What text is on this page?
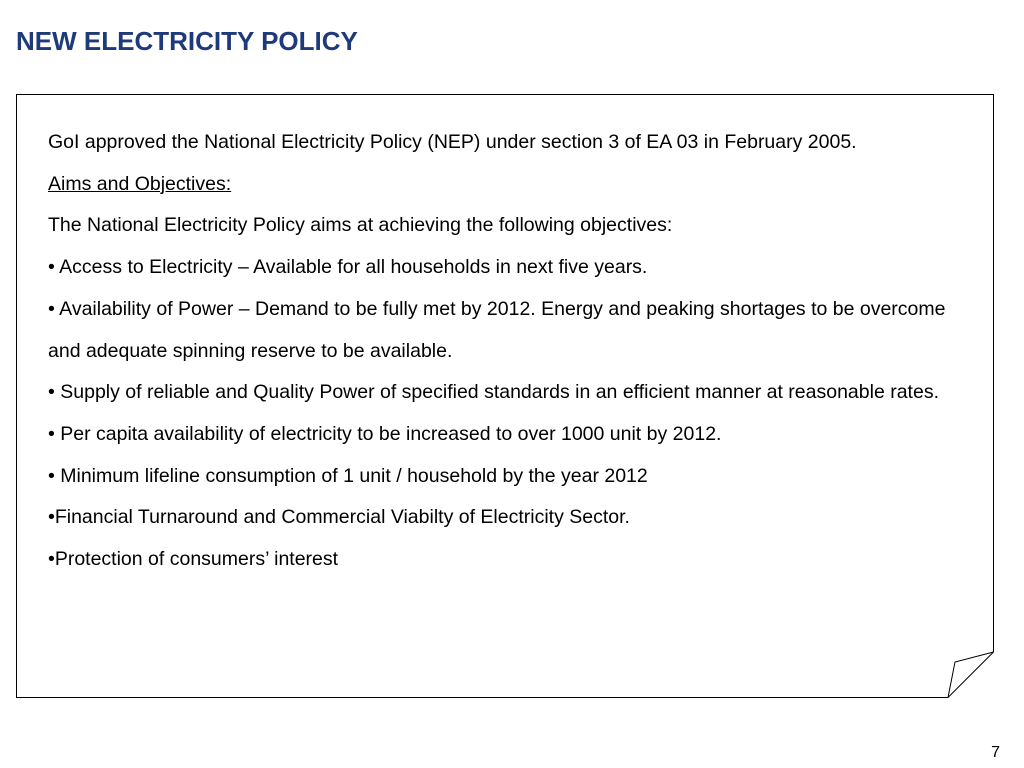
NEW ELECTRICITY POLICY

GoI approved the National Electricity Policy (NEP) under section 3 of EA 03 in February 2005.

Aims and Objectives:

The National Electricity Policy aims at achieving the following objectives:

• Access to Electricity – Available for all households in next five years.

• Availability of Power – Demand to be fully met by 2012. Energy and peaking shortages to be overcome and adequate spinning reserve to be available.

• Supply of reliable and Quality Power of specified standards in an efficient manner at reasonable rates.

• Per capita availability of electricity to be increased to over 1000 unit by 2012.

• Minimum lifeline consumption of 1 unit / household by the year 2012

•Financial Turnaround and Commercial Viabilty of Electricity Sector.

•Protection of consumers’ interest

7
